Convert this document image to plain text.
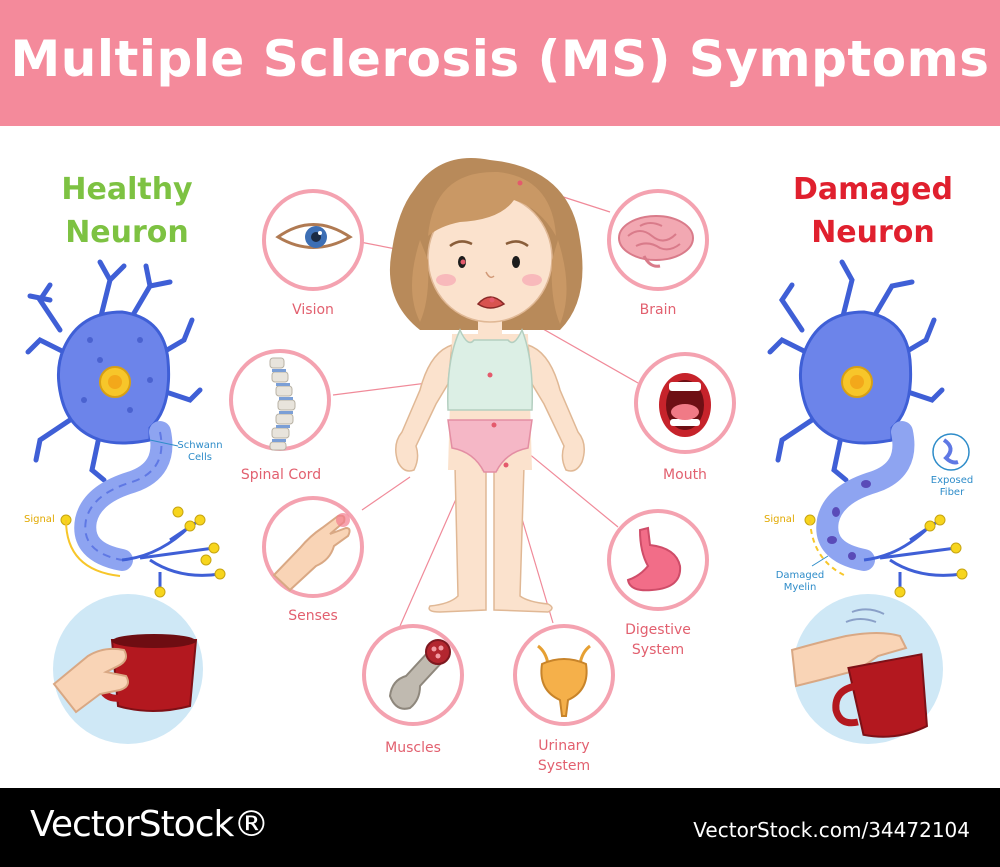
Multiple Sclerosis (MS) Symptoms
Healthy
Neuron
Damaged
Neuron
Schwann
Cells
Signal
Exposed
Fiber
Signal
Damaged
Myelin
Vision	Brain
Spinal Cord	Mouth
Senses
Digestive
System
Muscles	Urinary
System
VectorStock®	VectorStock.com/34472104
